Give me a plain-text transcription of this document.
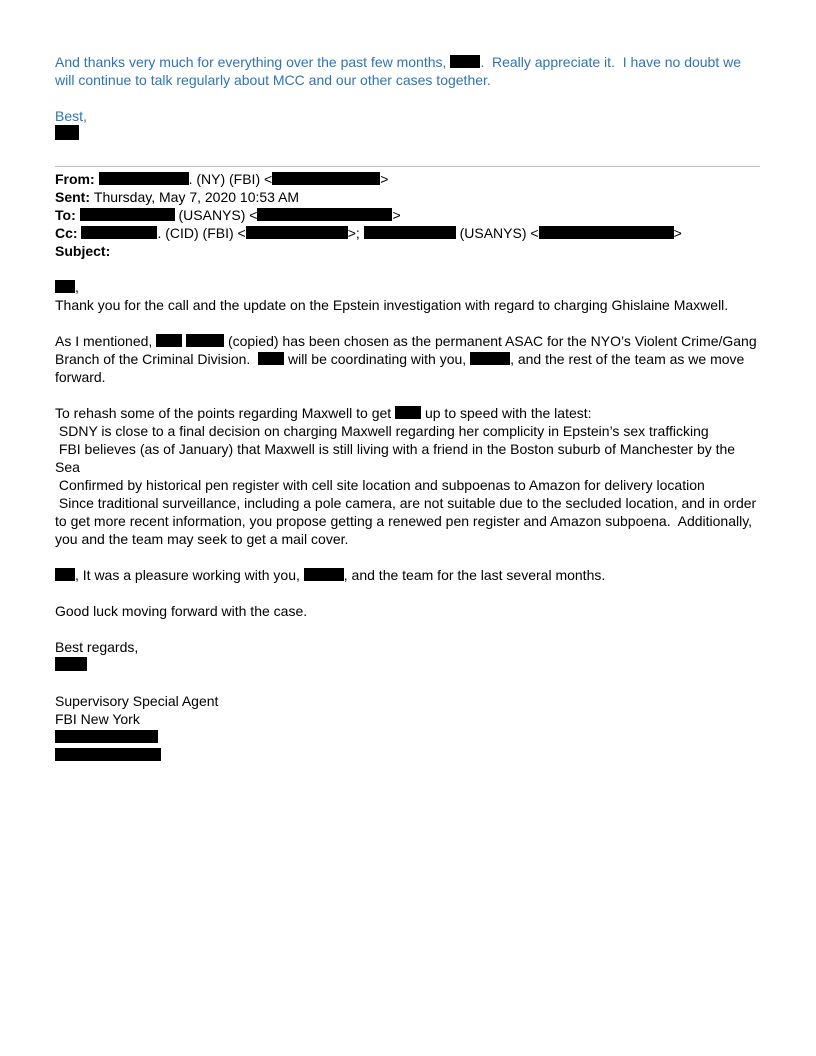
And thanks very much for everything over the past few months, .  Really appreciate it.  I have no doubt we will continue to talk regularly about MCC and our other cases together.
Best,
From:	. (NY) (FBI) <	>
Sent: Thursday, May 7, 2020 10:53 AM
To:	(USANYS) <	>
Cc:	. (CID) (FBI) <	>;	(USANYS) <	>
Subject:
,
Thank you for the call and the update on the Epstein investigation with regard to charging Ghislaine Maxwell.
As I mentioned,	(copied) has been chosen as the permanent ASAC for the NYO’s Violent Crime/Gang Branch of the Criminal Division.   will be coordinating with you,	, and the rest of the team as we move forward.
To rehash some of the points regarding Maxwell to get  up to speed with the latest:
SDNY is close to a final decision on charging Maxwell regarding her complicity in Epstein’s sex trafficking
FBI believes (as of January) that Maxwell is still living with a friend in the Boston suburb of Manchester by the Sea
Confirmed by historical pen register with cell site location and subpoenas to Amazon for delivery location
Since traditional surveillance, including a pole camera, are not suitable due to the secluded location, and in order to get more recent information, you propose getting a renewed pen register and Amazon subpoena.  Additionally, you and the team may seek to get a mail cover.
, It was a pleasure working with you,	, and the team for the last several months.
Good luck moving forward with the case.
Best regards,
Supervisory Special Agent
FBI New York
